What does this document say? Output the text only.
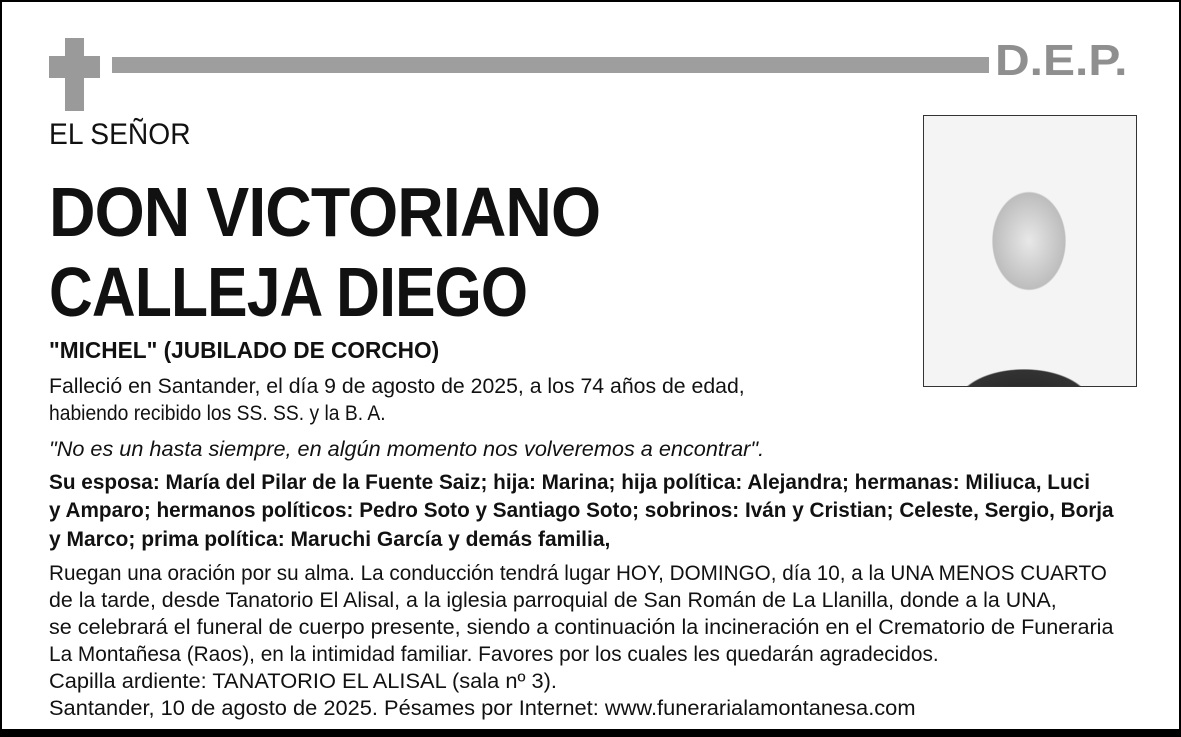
D.E.P.
EL SEÑOR
DON VICTORIANO
CALLEJA DIEGO
"MICHEL" (JUBILADO DE CORCHO)
Falleció en Santander, el día 9 de agosto de 2025, a los 74 años de edad,
habiendo recibido los SS. SS. y la B. A.
"No es un hasta siempre, en algún momento nos volveremos a encontrar".
Su esposa: María del Pilar de la Fuente Saiz; hija: Marina; hija política: Alejandra; hermanas: Miliuca, Luci
y Amparo; hermanos políticos: Pedro Soto y Santiago Soto; sobrinos: Iván y Cristian; Celeste, Sergio, Borja
y Marco; prima política: Maruchi García y demás familia,
Ruegan una oración por su alma. La conducción tendrá lugar HOY, DOMINGO, día 10, a la UNA MENOS CUARTO
de la tarde, desde Tanatorio El Alisal, a la iglesia parroquial de San Román de La Llanilla, donde a la UNA,
se celebrará el funeral de cuerpo presente, siendo a continuación la incineración en el Crematorio de Funeraria
La Montañesa (Raos), en la intimidad familiar. Favores por los cuales les quedarán agradecidos.
Capilla ardiente: TANATORIO EL ALISAL (sala nº 3).
Santander, 10 de agosto de 2025. Pésames por Internet: www.funerarialamontanesa.com
